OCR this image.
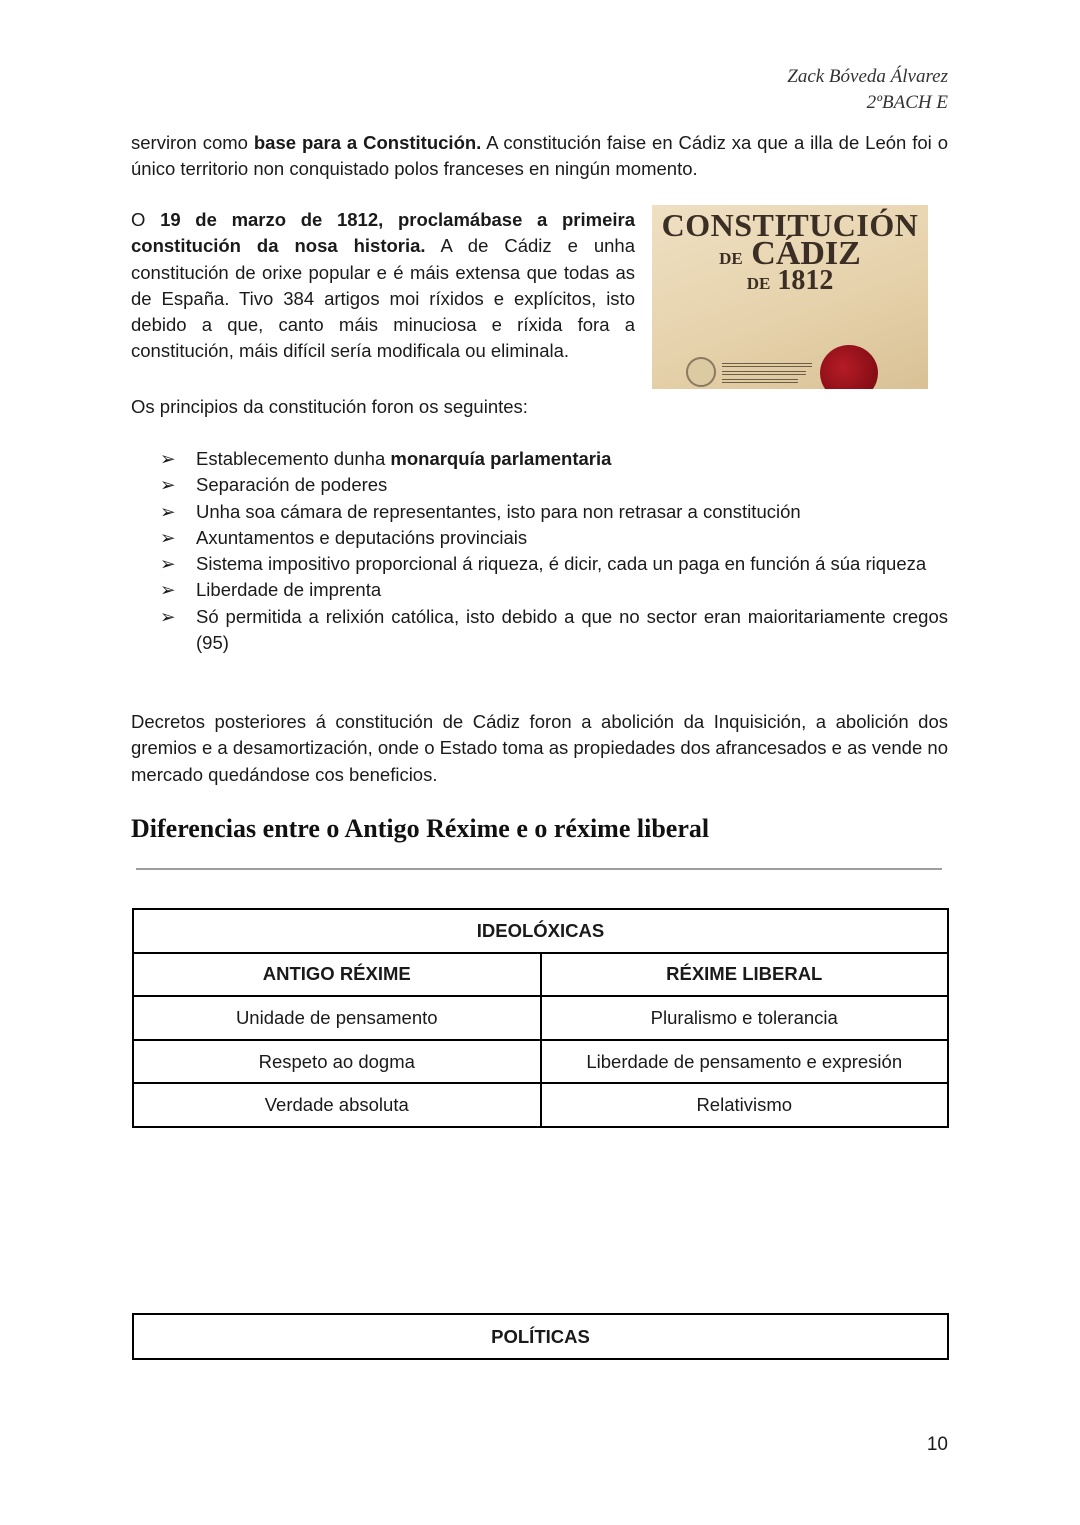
Zack Bóveda Álvarez
2ºBACH E

serviron como base para a Constitución. A constitución faise en Cádiz xa que a illa de León foi o único territorio non conquistado polos franceses en ningún momento.

O 19 de marzo de 1812, proclamábase a primeira constitución da nosa historia. A de Cádiz e unha constitución de orixe popular e é máis extensa que todas as de España. Tivo 384 artigos moi ríxidos e explícitos, isto debido a que, canto máis minuciosa e ríxida fora a constitución, máis difícil sería modificala ou eliminala.

CONSTITUCIÓN
DE CÁDIZ
DE 1812

Os principios da constitución foron os seguintes:

➢ Establecemento dunha monarquía parlamentaria
➢ Separación de poderes
➢ Unha soa cámara de representantes, isto para non retrasar a constitución
➢ Axuntamentos e deputacións provinciais
➢ Sistema impositivo proporcional á riqueza, é dicir, cada un paga en función á súa riqueza
➢ Liberdade de imprenta
➢ Só permitida a relixión católica, isto debido a que no sector eran maioritariamente cregos (95)

Decretos posteriores á constitución de Cádiz foron a abolición da Inquisición, a abolición dos gremios e a desamortización, onde o Estado toma as propiedades dos afrancesados e as vende no mercado quedándose cos beneficios.

Diferencias entre o Antigo Réxime e o réxime liberal
IDEOLÓXICAS	
ANTIGO RÉXIME	RÉXIME LIBERAL
Unidade de pensamento	Pluralismo e tolerancia
Respeto ao dogma	Liberdade de pensamento e expresión
Verdade absoluta	Relativismo
POLÍTICAS
10
